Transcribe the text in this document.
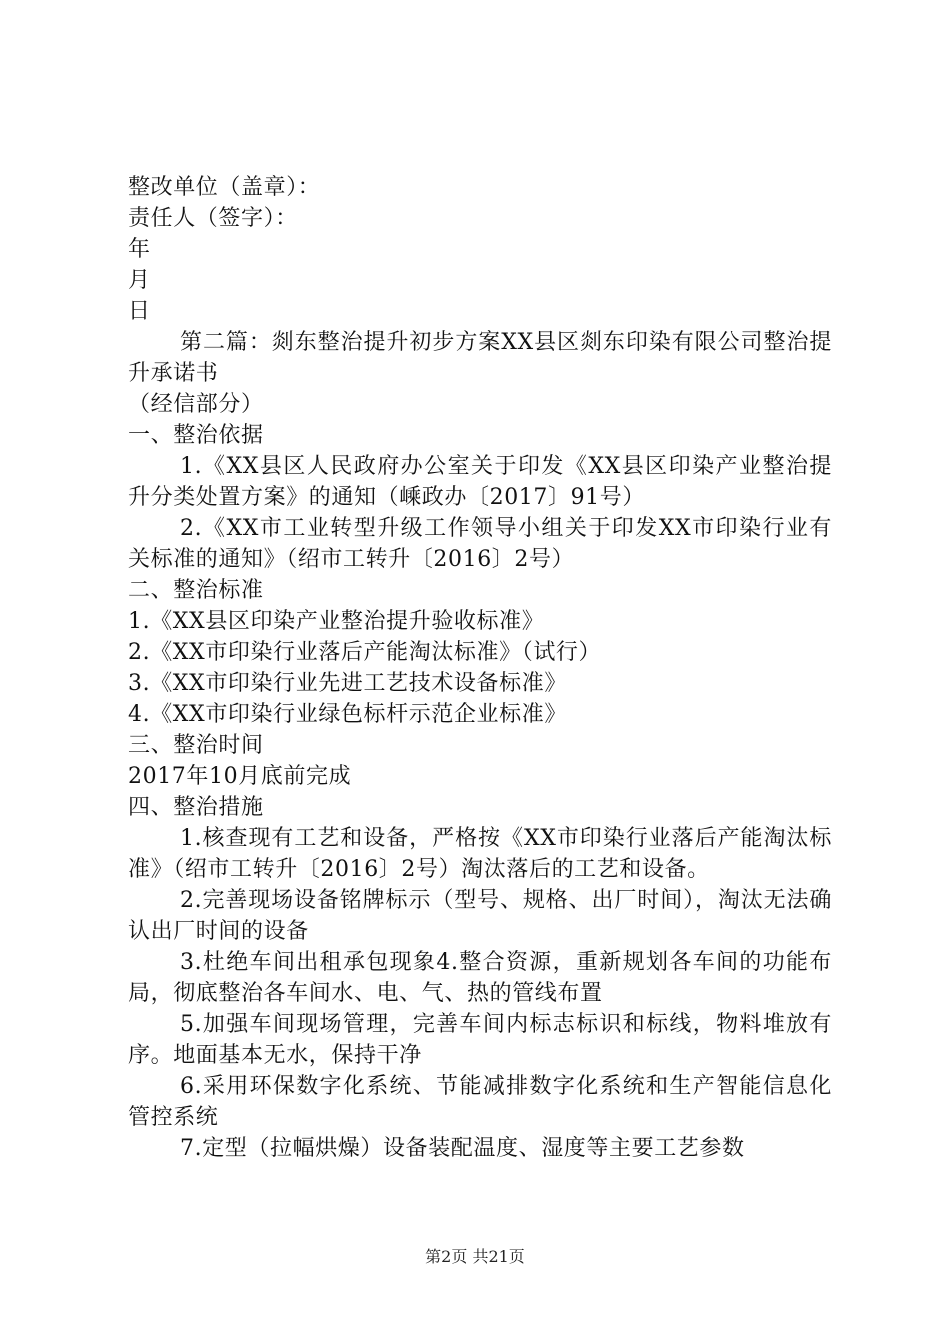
整改单位（盖章）：

责任人（签字）：

年

月

日

第二篇：剡东整治提升初步方案XX县区剡东印染有限公司整治提升承诺书

（经信部分）

一、整治依据

1.《XX县区人民政府办公室关于印发《XX县区印染产业整治提升分类处置方案》的通知（嵊政办〔2017〕91号）

2.《XX市工业转型升级工作领导小组关于印发XX市印染行业有关标准的通知》（绍市工转升〔2016〕2号）

二、整治标准

1.《XX县区印染产业整治提升验收标准》

2.《XX市印染行业落后产能淘汰标准》（试行）

3.《XX市印染行业先进工艺技术设备标准》

4.《XX市印染行业绿色标杆示范企业标准》

三、整治时间

2017年10月底前完成

四、整治措施

1.核查现有工艺和设备，严格按《XX市印染行业落后产能淘汰标准》（绍市工转升〔2016〕2号）淘汰落后的工艺和设备。

2.完善现场设备铭牌标示（型号、规格、出厂时间），淘汰无法确认出厂时间的设备

3.杜绝车间出租承包现象4.整合资源，重新规划各车间的功能布局，彻底整治各车间水、电、气、热的管线布置

5.加强车间现场管理，完善车间内标志标识和标线，物料堆放有序。地面基本无水，保持干净

6.采用环保数字化系统、节能减排数字化系统和生产智能信息化管控系统

7.定型（拉幅烘燥）设备装配温度、湿度等主要工艺参数

第2页 共21页
